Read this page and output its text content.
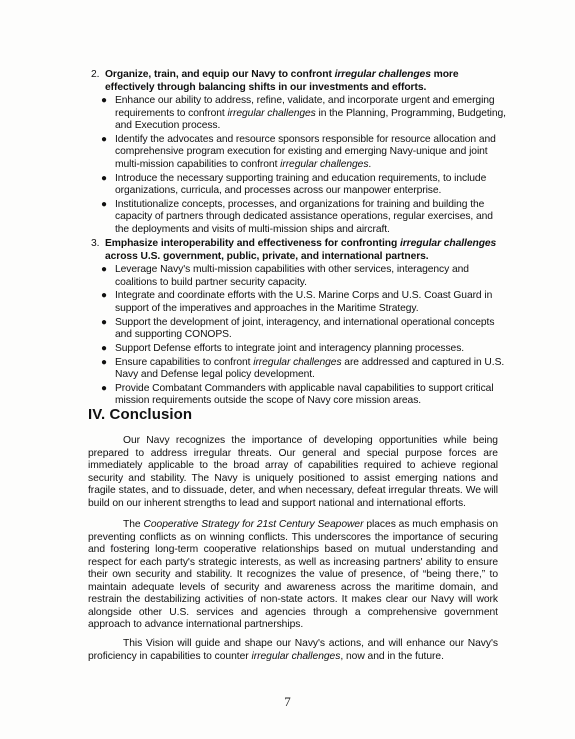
2. Organize, train, and equip our Navy to confront irregular challenges more effectively through balancing shifts in our investments and efforts.
● Enhance our ability to address, refine, validate, and incorporate urgent and emerging requirements to confront irregular challenges in the Planning, Programming, Budgeting, and Execution process.
● Identify the advocates and resource sponsors responsible for resource allocation and comprehensive program execution for existing and emerging Navy-unique and joint multi-mission capabilities to confront irregular challenges.
● Introduce the necessary supporting training and education requirements, to include organizations, curricula, and processes across our manpower enterprise.
● Institutionalize concepts, processes, and organizations for training and building the capacity of partners through dedicated assistance operations, regular exercises, and the deployments and visits of multi-mission ships and aircraft.
3. Emphasize interoperability and effectiveness for confronting irregular challenges across U.S. government, public, private, and international partners.
● Leverage Navy's multi-mission capabilities with other services, interagency and coalitions to build partner security capacity.
● Integrate and coordinate efforts with the U.S. Marine Corps and U.S. Coast Guard in support of the imperatives and approaches in the Maritime Strategy.
● Support the development of joint, interagency, and international operational concepts and supporting CONOPS.
● Support Defense efforts to integrate joint and interagency planning processes.
● Ensure capabilities to confront irregular challenges are addressed and captured in U.S. Navy and Defense legal policy development.
● Provide Combatant Commanders with applicable naval capabilities to support critical mission requirements outside the scope of Navy core mission areas.
IV. Conclusion

Our Navy recognizes the importance of developing opportunities while being prepared to address irregular threats. Our general and special purpose forces are immediately applicable to the broad array of capabilities required to achieve regional security and stability. The Navy is uniquely positioned to assist emerging nations and fragile states, and to dissuade, deter, and when necessary, defeat irregular threats. We will build on our inherent strengths to lead and support national and international efforts.

The Cooperative Strategy for 21st Century Seapower places as much emphasis on preventing conflicts as on winning conflicts. This underscores the importance of securing and fostering long-term cooperative relationships based on mutual understanding and respect for each party's strategic interests, as well as increasing partners' ability to ensure their own security and stability. It recognizes the value of presence, of “being there,” to maintain adequate levels of security and awareness across the maritime domain, and restrain the destabilizing activities of non-state actors. It makes clear our Navy will work alongside other U.S. services and agencies through a comprehensive government approach to advance international partnerships.

This Vision will guide and shape our Navy's actions, and will enhance our Navy's proficiency in capabilities to counter irregular challenges, now and in the future.

7
